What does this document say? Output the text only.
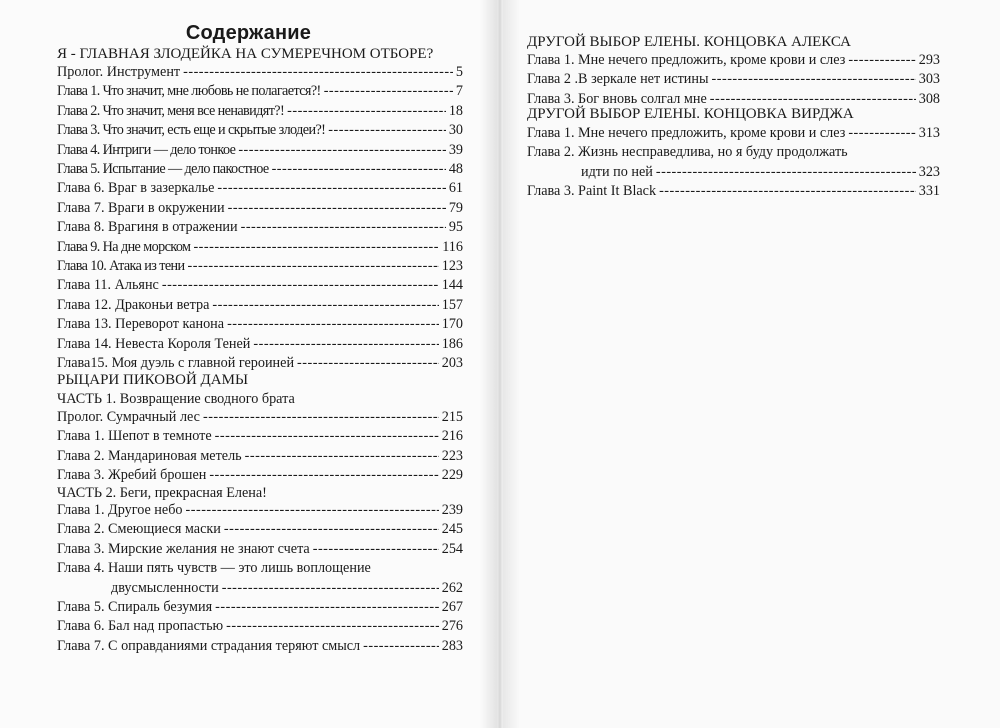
Содержание
Я - ГЛАВНАЯ ЗЛОДЕЙКА НА СУМЕРЕЧНОМ ОТБОРЕ?
Пролог. Инструмент -----	5
Глава 1. Что значит, мне любовь не полагается?! -----	7
Глава 2. Что значит, меня все ненавидят?! -----	18
Глава 3. Что значит, есть еще и скрытые злодеи?! -----	30
Глава 4. Интриги — дело тонкое -----	39
Глава 5. Испытание — дело пакостное -----	48
Глава 6. Враг в зазеркалье -----	61
Глава 7. Враги в окружении -----	79
Глава 8. Врагиня в отражении -----	95
Глава 9. На дне морском -----	116
Глава 10. Атака из тени -----	123
Глава 11. Альянс -----	144
Глава 12. Драконьи ветра -----	157
Глава 13. Переворот канона -----	170
Глава 14. Невеста Короля Теней -----	186
Глава15. Моя дуэль с главной героиней -----	203
РЫЦАРИ ПИКОВОЙ ДАМЫ
ЧАСТЬ 1. Возвращение сводного брата
Пролог. Сумрачный лес -----	215
Глава 1. Шепот в темноте -----	216
Глава 2. Мандариновая метель -----	223
Глава 3. Жребий брошен -----	229
ЧАСТЬ 2. Беги, прекрасная Елена!
Глава 1. Другое небо -----	239
Глава 2. Смеющиеся маски -----	245
Глава 3. Мирские желания не знают счета -----	254
Глава 4. Наши пять чувств — это лишь воплощение
двусмысленности -----	262
Глава 5. Спираль безумия -----	267
Глава 6. Бал над пропастью -----	276
Глава 7. С оправданиями страдания теряют смысл -----	283
ДРУГОЙ ВЫБОР ЕЛЕНЫ. КОНЦОВКА АЛЕКСА
Глава 1. Мне нечего предложить, кроме крови и слез -----	293
Глава 2 .В зеркале нет истины -----	303
Глава 3. Бог вновь солгал мне -----	308
ДРУГОЙ ВЫБОР ЕЛЕНЫ. КОНЦОВКА ВИРДЖА
Глава 1. Мне нечего предложить, кроме крови и слез -----	313
Глава 2. Жизнь несправедлива, но я буду продолжать
идти по ней -----	323
Глава 3. Paint It Black -----	331
